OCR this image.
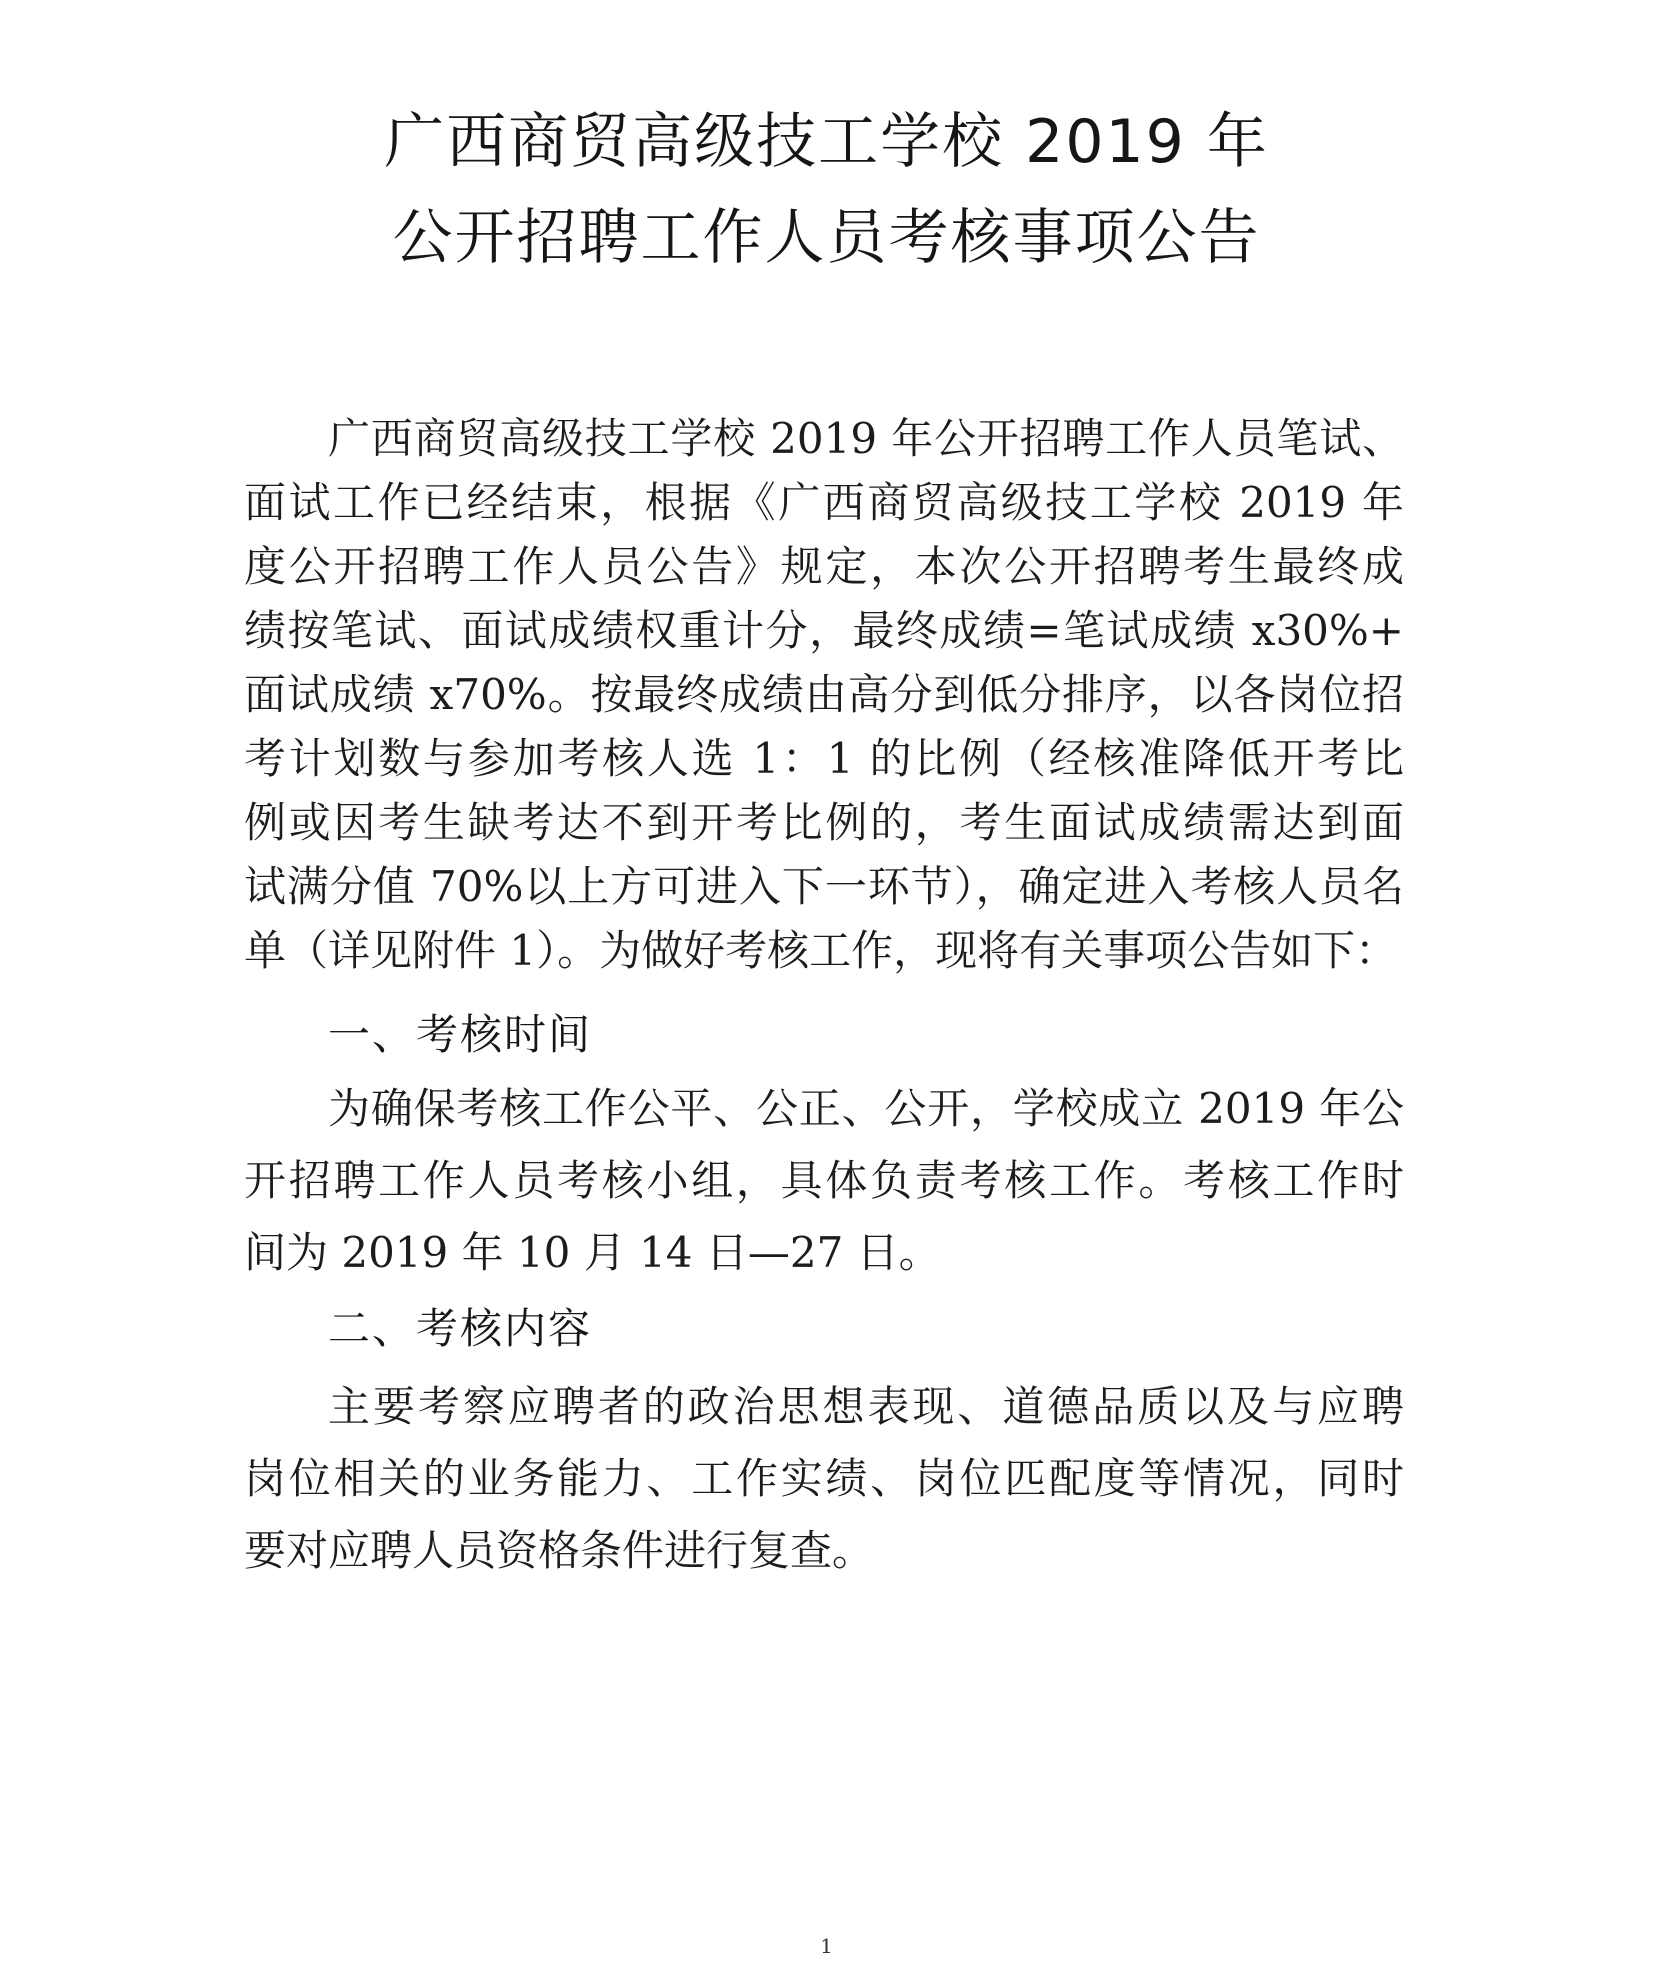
广西商贸高级技工学校 2019 年
公开招聘工作人员考核事项公告
广西商贸高级技工学校 2019 年公开招聘工作人员笔试、
面试工作已经结束，根据《广西商贸高级技工学校 2019 年
度公开招聘工作人员公告》规定，本次公开招聘考生最终成
绩按笔试、面试成绩权重计分，最终成绩=笔试成绩 x30%+
面试成绩 x70%。按最终成绩由高分到低分排序，以各岗位招
考计划数与参加考核人选 1：1 的比例（经核准降低开考比
例或因考生缺考达不到开考比例的，考生面试成绩需达到面
试满分值 70%以上方可进入下一环节），确定进入考核人员名
单（详见附件 1）。为做好考核工作，现将有关事项公告如下：
一、考核时间
为确保考核工作公平、公正、公开，学校成立 2019 年公
开招聘工作人员考核小组，具体负责考核工作。考核工作时
间为 2019 年 10 月 14 日—27 日。
二、考核内容
主要考察应聘者的政治思想表现、道德品质以及与应聘
岗位相关的业务能力、工作实绩、岗位匹配度等情况，同时
要对应聘人员资格条件进行复查。
1
